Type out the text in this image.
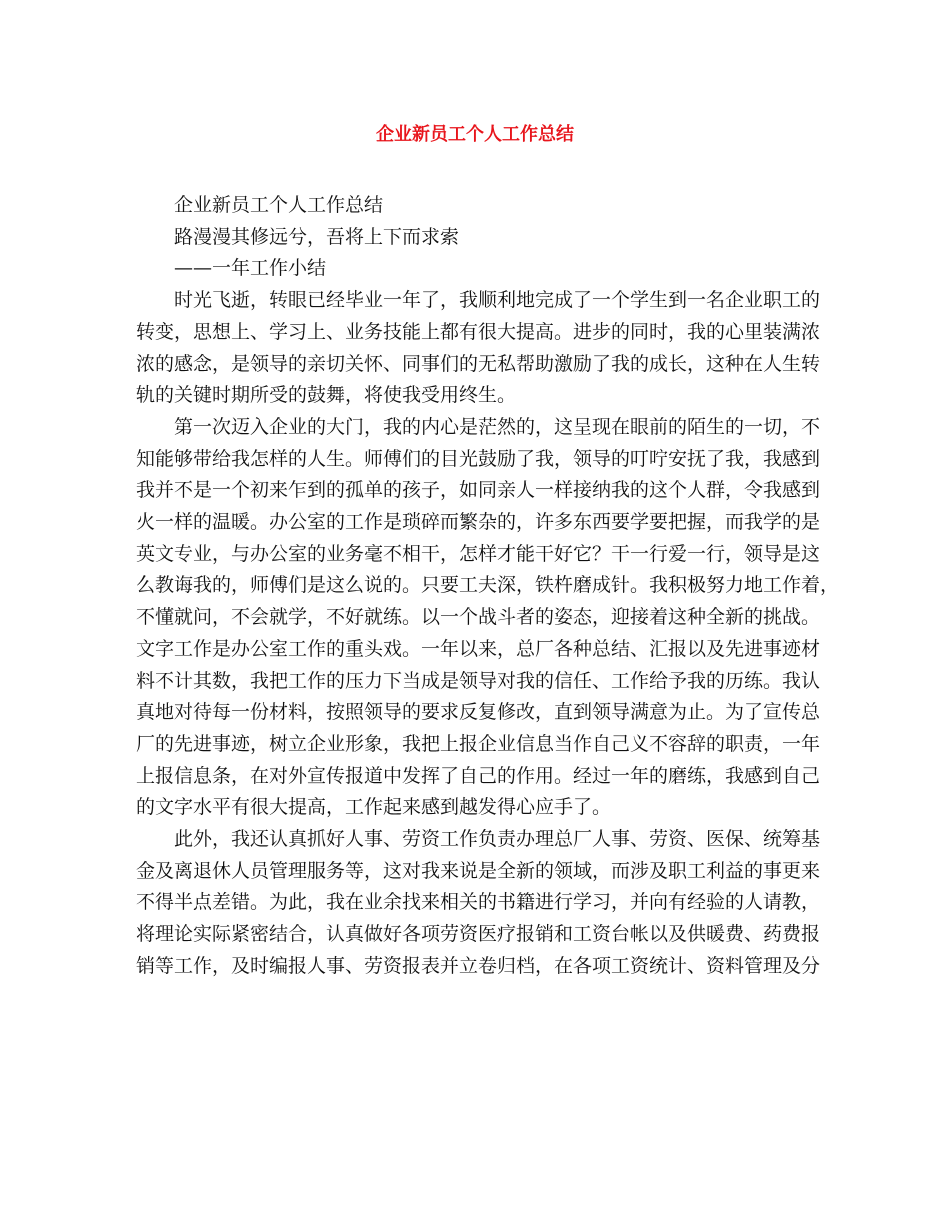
企业新员工个人工作总结

企业新员工个人工作总结

路漫漫其修远兮，吾将上下而求索

——一年工作小结

时光飞逝，转眼已经毕业一年了，我顺利地完成了一个学生到一名企业职工的

转变，思想上、学习上、业务技能上都有很大提高。进步的同时，我的心里装满浓

浓的感念，是领导的亲切关怀、同事们的无私帮助激励了我的成长，这种在人生转

轨的关键时期所受的鼓舞，将使我受用终生。

第一次迈入企业的大门，我的内心是茫然的，这呈现在眼前的陌生的一切，不

知能够带给我怎样的人生。师傅们的目光鼓励了我，领导的叮咛安抚了我，我感到

我并不是一个初来乍到的孤单的孩子，如同亲人一样接纳我的这个人群，令我感到

火一样的温暖。办公室的工作是琐碎而繁杂的，许多东西要学要把握，而我学的是

英文专业，与办公室的业务毫不相干，怎样才能干好它？干一行爱一行，领导是这

么教诲我的，师傅们是这么说的。只要工夫深，铁杵磨成针。我积极努力地工作着，

不懂就问，不会就学，不好就练。以一个战斗者的姿态，迎接着这种全新的挑战。

文字工作是办公室工作的重头戏。一年以来，总厂各种总结、汇报以及先进事迹材

料不计其数，我把工作的压力下当成是领导对我的信任、工作给予我的历练。我认

真地对待每一份材料，按照领导的要求反复修改，直到领导满意为止。为了宣传总

厂的先进事迹，树立企业形象，我把上报企业信息当作自己义不容辞的职责，一年

上报信息条，在对外宣传报道中发挥了自己的作用。经过一年的磨练，我感到自己

的文字水平有很大提高，工作起来感到越发得心应手了。

此外，我还认真抓好人事、劳资工作负责办理总厂人事、劳资、医保、统筹基

金及离退休人员管理服务等，这对我来说是全新的领域，而涉及职工利益的事更来

不得半点差错。为此，我在业余找来相关的书籍进行学习，并向有经验的人请教，

将理论实际紧密结合，认真做好各项劳资医疗报销和工资台帐以及供暖费、药费报

销等工作，及时编报人事、劳资报表并立卷归档，在各项工资统计、资料管理及分
